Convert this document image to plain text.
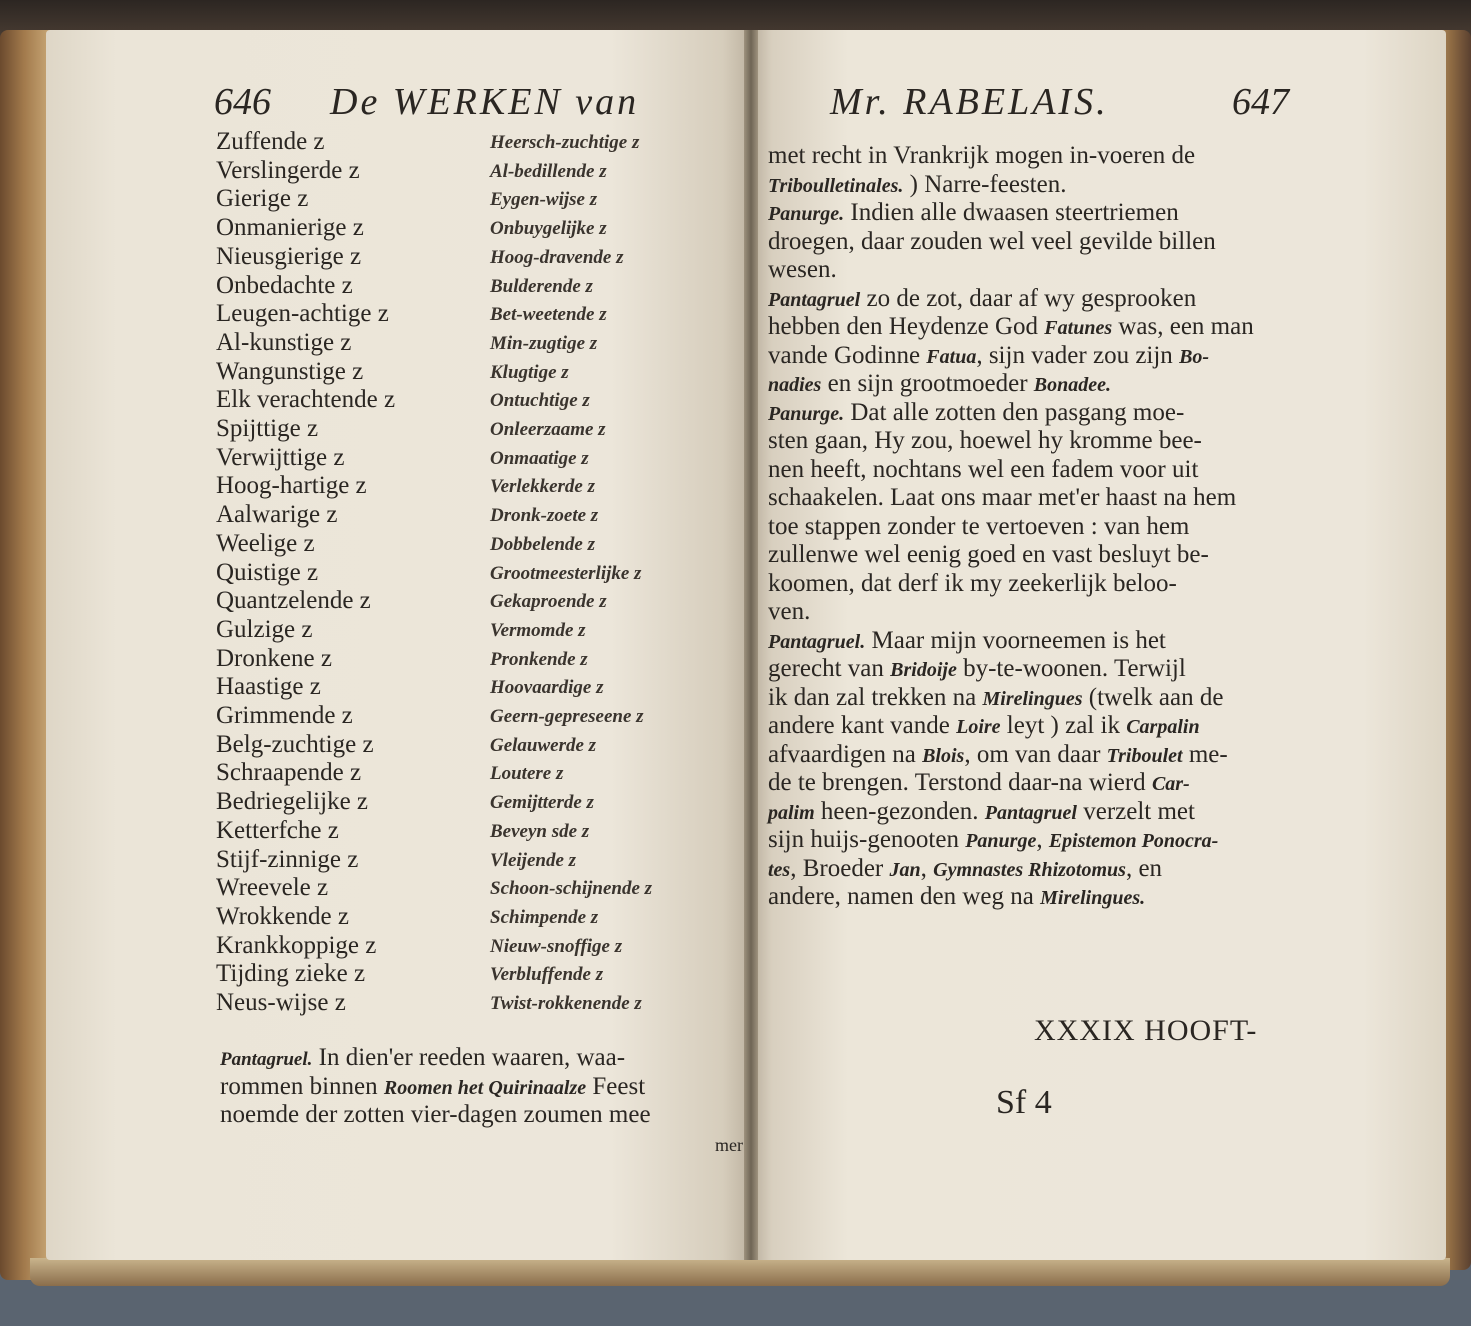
646 De WERKEN van	Mr. RABELAIS.	647
Zuffende z
Verslingerde z
Gierige z
Onmanierige z
Nieusgierige z
Onbedachte z
Leugen-achtige z
Al-kunstige z
Wangunstige z
Elk verachtende z
Spijttige z
Verwijttige z
Hoog-hartige z
Aalwarige z
Weelige z
Quistige z
Quantzelende z
Gulzige z
Dronkene z
Haastige z
Grimmende z
Belg-zuchtige z
Schraapende z
Bedriegelijke z
Ketterfche z
Stijf-zinnige z
Wreevele z
Wrokkende z
Krankkoppige z
Tijding zieke z
Neus-wijse z
Heersch-zuchtige z
Al-bedillende z
Eygen-wijse z
Onbuygelijke z
Hoog-dravende z
Bulderende z
Bet-weetende z
Min-zugtige z
Klugtige z
Ontuchtige z
Onleerzaame z
Onmaatige z
Verlekkerde z
Dronk-zoete z
Dobbelende z
Grootmeesterlijke z
Gekaproende z
Vermomde z
Pronkende z
Hoovaardige z
Geern-gepreseene z
Gelauwerde z
Loutere z
Gemijtterde z
Beveyn sde z
Vleijende z
Schoon-schijnende z
Schimpende z
Nieuw-snoffige z
Verbluffende z
Twist-rokkenende z
Pantagruel. In dien'er reeden waaren, waa-
rommen binnen Roomen het Quirinaalze Feest
noemde der zotten vier-dagen zoumen mee
mer
met recht in Vrankrijk mogen in-voeren de
Triboulletinales. ) Narre-feesten.
Panurge. Indien alle dwaasen steertriemen
droegen, daar zouden wel veel gevilde billen
wesen.
Pantagruel zo de zot, daar af wy gesprooken
hebben den Heydenze God Fatunes was, een man
vande Godinne Fatua, sijn vader zou zijn Bo-
nadies en sijn grootmoeder Bonadee.
Panurge. Dat alle zotten den pasgang moe-
sten gaan, Hy zou, hoewel hy kromme bee-
nen heeft, nochtans wel een fadem voor uit
schaakelen. Laat ons maar met'er haast na hem
toe stappen zonder te vertoeven : van hem
zullenwe wel eenig goed en vast besluyt be-
koomen, dat derf ik my zeekerlijk beloo-
ven.
Pantagruel. Maar mijn voorneemen is het
gerecht van Bridoije by-te-woonen. Terwijl
ik dan zal trekken na Mirelingues (twelk aan de
andere kant vande Loire leyt ) zal ik Carpalin
afvaardigen na Blois, om van daar Triboulet me-
de te brengen. Terstond daar-na wierd Car-
palim heen-gezonden. Pantagruel verzelt met
sijn huijs-genooten Panurge, Epistemon Ponocra-
tes, Broeder Jan, Gymnastes Rhizotomus, en
andere, namen den weg na Mirelingues.
XXXIX HOOFT-
Sf 4
